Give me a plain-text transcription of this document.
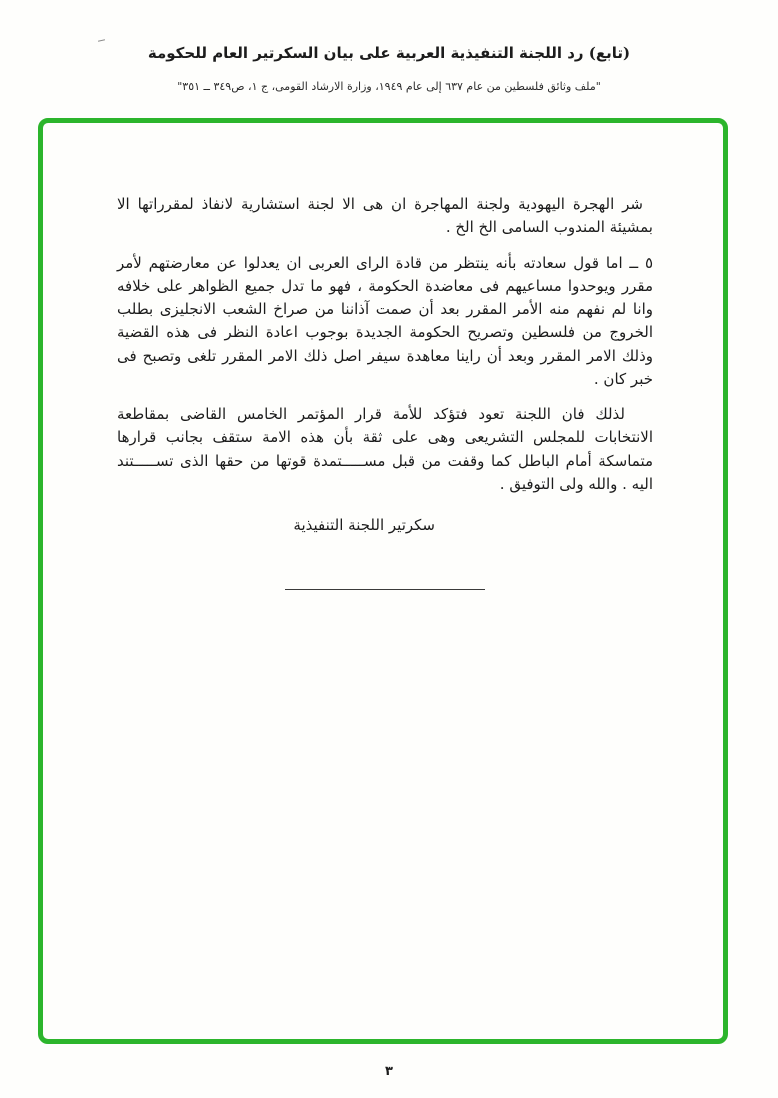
(تابع) رد اللجنة التنفيذية العربية على بيان السكرتير العام للحكومة
"ملف وثائق فلسطين من عام ٦٣٧ إلى عام ١٩٤٩، وزارة الارشاد القومى، ج ١، ص٣٤٩ ــ ٣٥١"

شر الهجرة اليهودية ولجنة المهاجرة ان هى الا لجنة استشارية لانفاذ لمقرراتها الا بمشيئة المندوب السامى الخ الخ .

٥ ــ اما قول سعادته بأنه ينتظر من قادة الراى العربى ان يعدلوا عن معارضتهم لأمر مقرر ويوحدوا مساعيهم فى معاضدة الحكومة ، فهو ما تدل جميع الظواهر على خلافه وانا لم نفهم منه الأمر المقرر بعد أن صمت آذاننا من صراخ الشعب الانجليزى بطلب الخروج من فلسطين وتصريح الحكومة الجديدة بوجوب اعادة النظر فى هذه القضية وذلك الامر المقرر وبعد أن راينا معاهدة سيفر اصل ذلك الامر المقرر تلغى وتصبح فى خبر كان .

لذلك فان اللجنة تعود فتؤكد للأمة قرار المؤتمر الخامس القاضى بمقاطعة الانتخابات للمجلس التشريعى وهى على ثقة بأن هذه الامة ستقف بجانب قرارها متماسكة أمام الباطل كما وقفت من قبل مســـــتمدة قوتها من حقها الذى تســـــتند اليه . والله ولى التوفيق .

سكرتير اللجنة التنفيذية
٣
